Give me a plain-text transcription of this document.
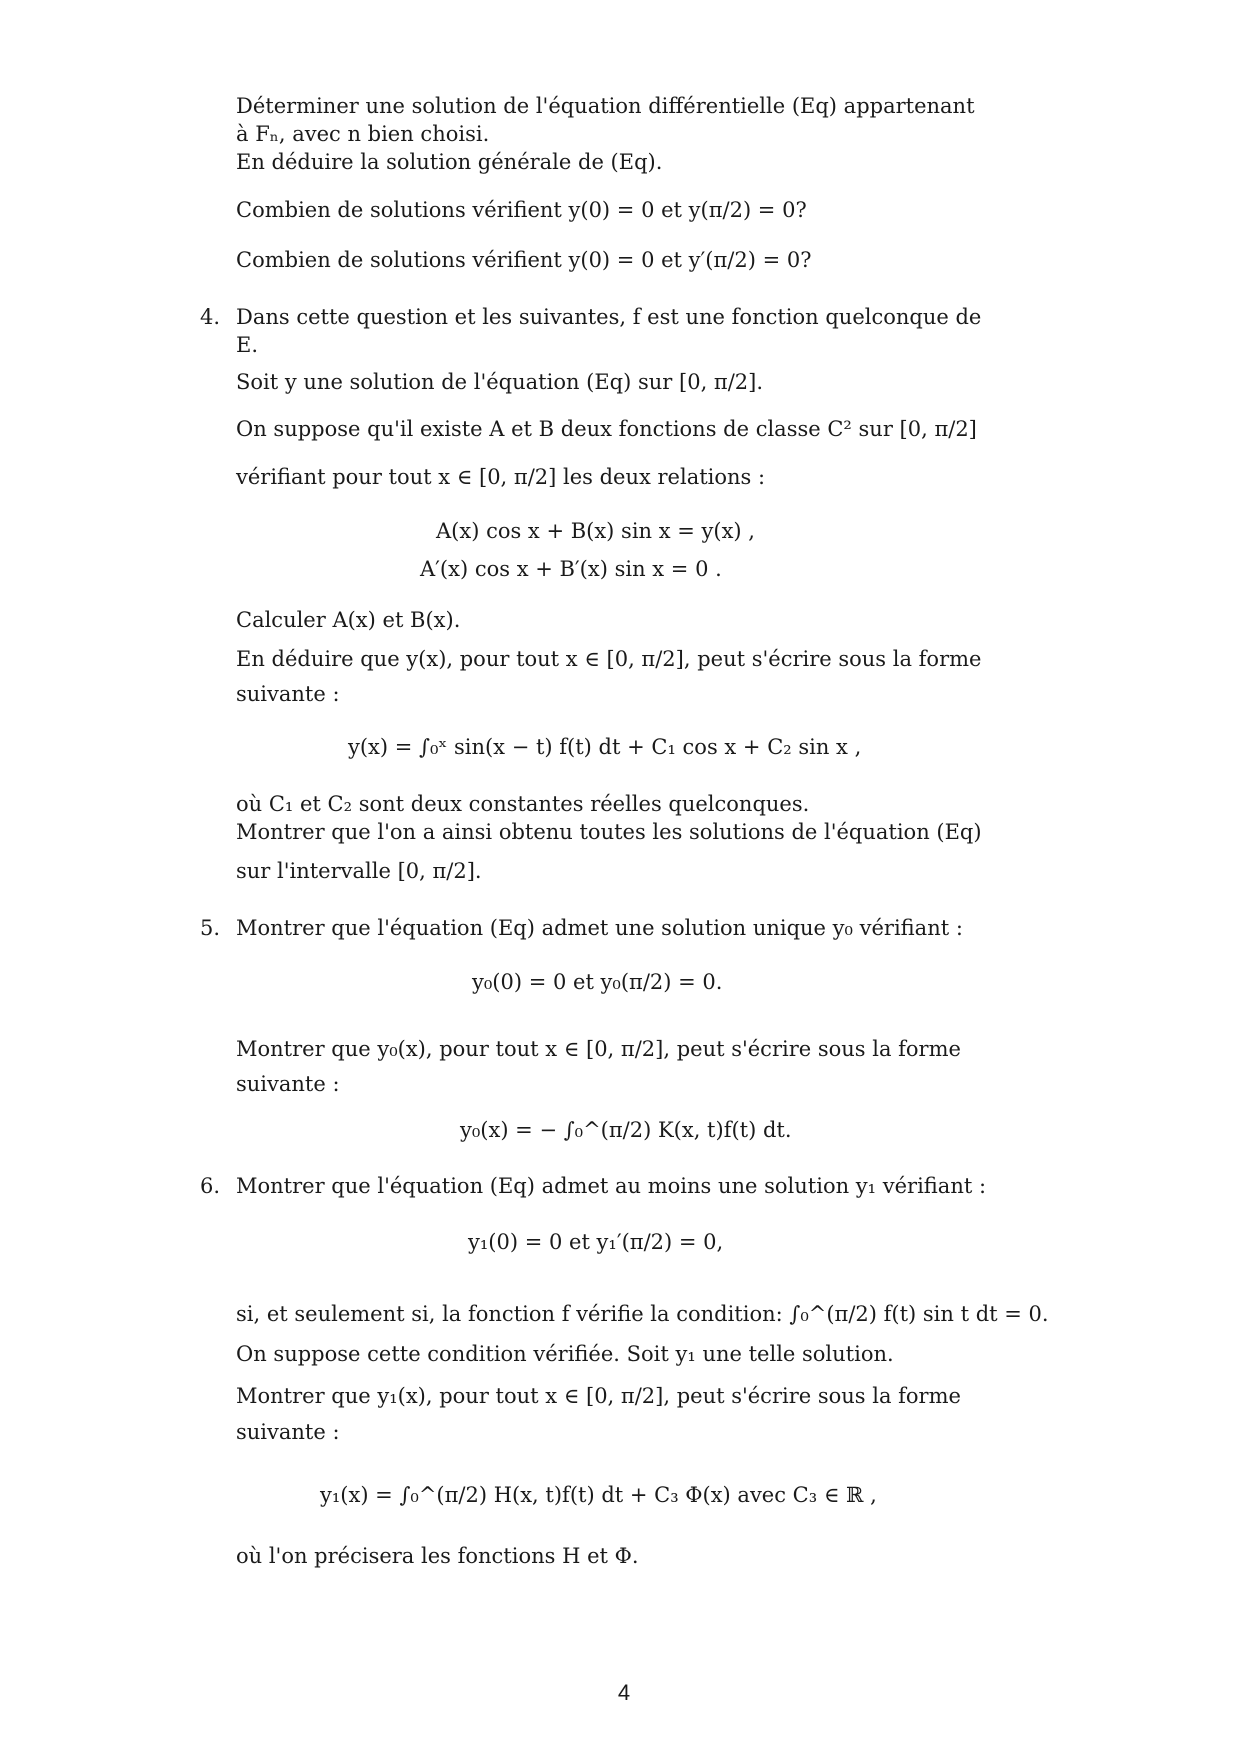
Déterminer une solution de l'équation différentielle (Eq) appartenant
à Fₙ, avec n bien choisi.
En déduire la solution générale de (Eq).
Combien de solutions vérifient y(0) = 0 et y(π/2) = 0?
Combien de solutions vérifient y(0) = 0 et y′(π/2) = 0?
4. Dans cette question et les suivantes, f est une fonction quelconque de
E.
Soit y une solution de l'équation (Eq) sur [0, π/2].
On suppose qu'il existe A et B deux fonctions de classe C² sur [0, π/2]
vérifiant pour tout x ∈ [0, π/2] les deux relations :
A(x) cos x + B(x) sin x = y(x) ,
A′(x) cos x + B′(x) sin x = 0 .
Calculer A(x) et B(x).
En déduire que y(x), pour tout x ∈ [0, π/2], peut s'écrire sous la forme
suivante :
y(x) = ∫₀ˣ sin(x − t) f(t) dt + C₁ cos x + C₂ sin x ,
où C₁ et C₂ sont deux constantes réelles quelconques.
Montrer que l'on a ainsi obtenu toutes les solutions de l'équation (Eq)
sur l'intervalle [0, π/2].
5. Montrer que l'équation (Eq) admet une solution unique y₀ vérifiant :
y₀(0) = 0 et y₀(π/2) = 0.
Montrer que y₀(x), pour tout x ∈ [0, π/2], peut s'écrire sous la forme
suivante :
y₀(x) = − ∫₀^(π/2) K(x, t)f(t) dt.
6. Montrer que l'équation (Eq) admet au moins une solution y₁ vérifiant :
y₁(0) = 0 et y₁′(π/2) = 0,
si, et seulement si, la fonction f vérifie la condition: ∫₀^(π/2) f(t) sin t dt = 0.
On suppose cette condition vérifiée. Soit y₁ une telle solution.
Montrer que y₁(x), pour tout x ∈ [0, π/2], peut s'écrire sous la forme
suivante :
y₁(x) = ∫₀^(π/2) H(x, t)f(t) dt + C₃ Φ(x) avec C₃ ∈ ℝ ,
où l'on précisera les fonctions H et Φ.
4
